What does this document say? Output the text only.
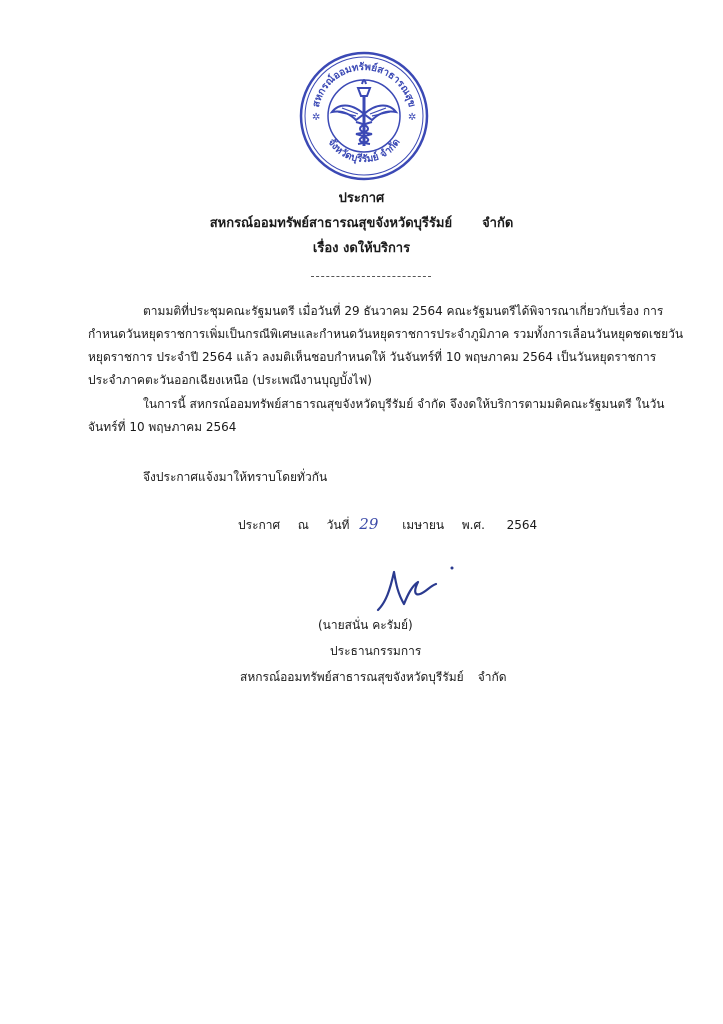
สหกรณ์ออมทรัพย์สาธารณสุข
จังหวัดบุรีรัมย์ จำกัด
✲	✲
ประกาศ
สหกรณ์ออมทรัพย์สาธารณสุขจังหวัดบุรีรัมย์ จำกัด
เรื่อง งดให้บริการ
ตามมติที่ประชุมคณะรัฐมนตรี เมื่อวันที่ 29 ธันวาคม 2564 คณะรัฐมนตรีได้พิจารณาเกี่ยวกับเรื่อง การกำหนดวันหยุดราชการเพิ่มเป็นกรณีพิเศษและกำหนดวันหยุดราชการประจำภูมิภาค รวมทั้งการเลื่อนวันหยุดชดเชยวันหยุดราชการ ประจำปี 2564 แล้ว ลงมติเห็นชอบกำหนดให้ วันจันทร์ที่ 10 พฤษภาคม 2564 เป็นวันหยุดราชการประจำภาคตะวันออกเฉียงเหนือ (ประเพณีงานบุญบั้งไฟ)
ในการนี้ สหกรณ์ออมทรัพย์สาธารณสุขจังหวัดบุรีรัมย์ จำกัด จึงงดให้บริการตามมติคณะรัฐมนตรี ในวันจันทร์ที่ 10 พฤษภาคม 2564
จึงประกาศแจ้งมาให้ทราบโดยทั่วกัน
ประกาศ ณ วันที่ 29 เมษายน พ.ศ. 2564
(นายสนั่น คะรัมย์)
ประธานกรรมการ
สหกรณ์ออมทรัพย์สาธารณสุขจังหวัดบุรีรัมย์ จำกัด
